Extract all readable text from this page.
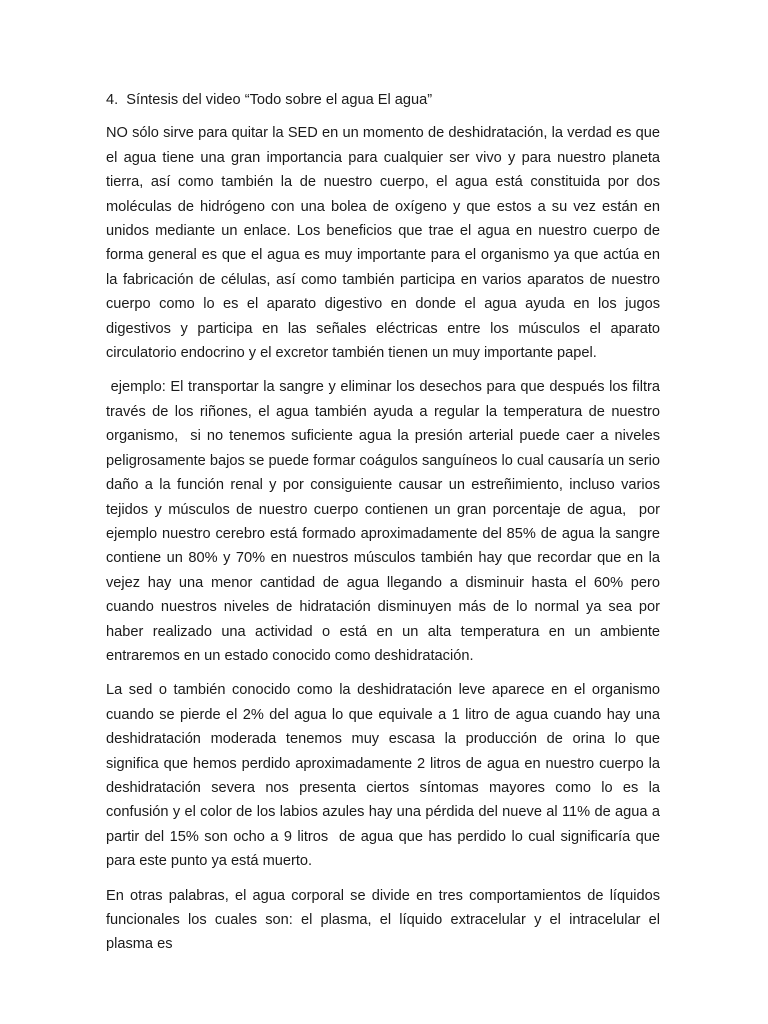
4.  Síntesis del video “Todo sobre el agua El agua”

NO sólo sirve para quitar la SED en un momento de deshidratación, la verdad es que el agua tiene una gran importancia para cualquier ser vivo y para nuestro planeta tierra, así como también la de nuestro cuerpo, el agua está constituida por dos moléculas de hidrógeno con una bolea de oxígeno y que estos a su vez están en unidos mediante un enlace. Los beneficios que trae el agua en nuestro cuerpo de forma general es que el agua es muy importante para el organismo ya que actúa en la fabricación de células, así como también participa en varios aparatos de nuestro cuerpo como lo es el aparato digestivo en donde el agua ayuda en los jugos digestivos y participa en las señales eléctricas entre los músculos el aparato circulatorio endocrino y el excretor también tienen un muy importante papel.

ejemplo: El transportar la sangre y eliminar los desechos para que después los filtra través de los riñones, el agua también ayuda a regular la temperatura de nuestro organismo,  si no tenemos suficiente agua la presión arterial puede caer a niveles peligrosamente bajos se puede formar coágulos sanguíneos lo cual causaría un serio daño a la función renal y por consiguiente causar un estreñimiento, incluso varios tejidos y músculos de nuestro cuerpo contienen un gran porcentaje de agua,  por ejemplo nuestro cerebro está formado aproximadamente del 85% de agua la sangre contiene un 80% y 70% en nuestros músculos también hay que recordar que en la vejez hay una menor cantidad de agua llegando a disminuir hasta el 60% pero cuando nuestros niveles de hidratación disminuyen más de lo normal ya sea por haber realizado una actividad o está en un alta temperatura en un ambiente entraremos en un estado conocido como deshidratación.

La sed o también conocido como la deshidratación leve aparece en el organismo cuando se pierde el 2% del agua lo que equivale a 1 litro de agua cuando hay una deshidratación moderada tenemos muy escasa la producción de orina lo que significa que hemos perdido aproximadamente 2 litros de agua en nuestro cuerpo la deshidratación severa nos presenta ciertos síntomas mayores como lo es la confusión y el color de los labios azules hay una pérdida del nueve al 11% de agua a partir del 15% son ocho a 9 litros  de agua que has perdido lo cual significaría que para este punto ya está muerto.

En otras palabras, el agua corporal se divide en tres comportamientos de líquidos funcionales los cuales son: el plasma, el líquido extracelular y el intracelular el plasma es
